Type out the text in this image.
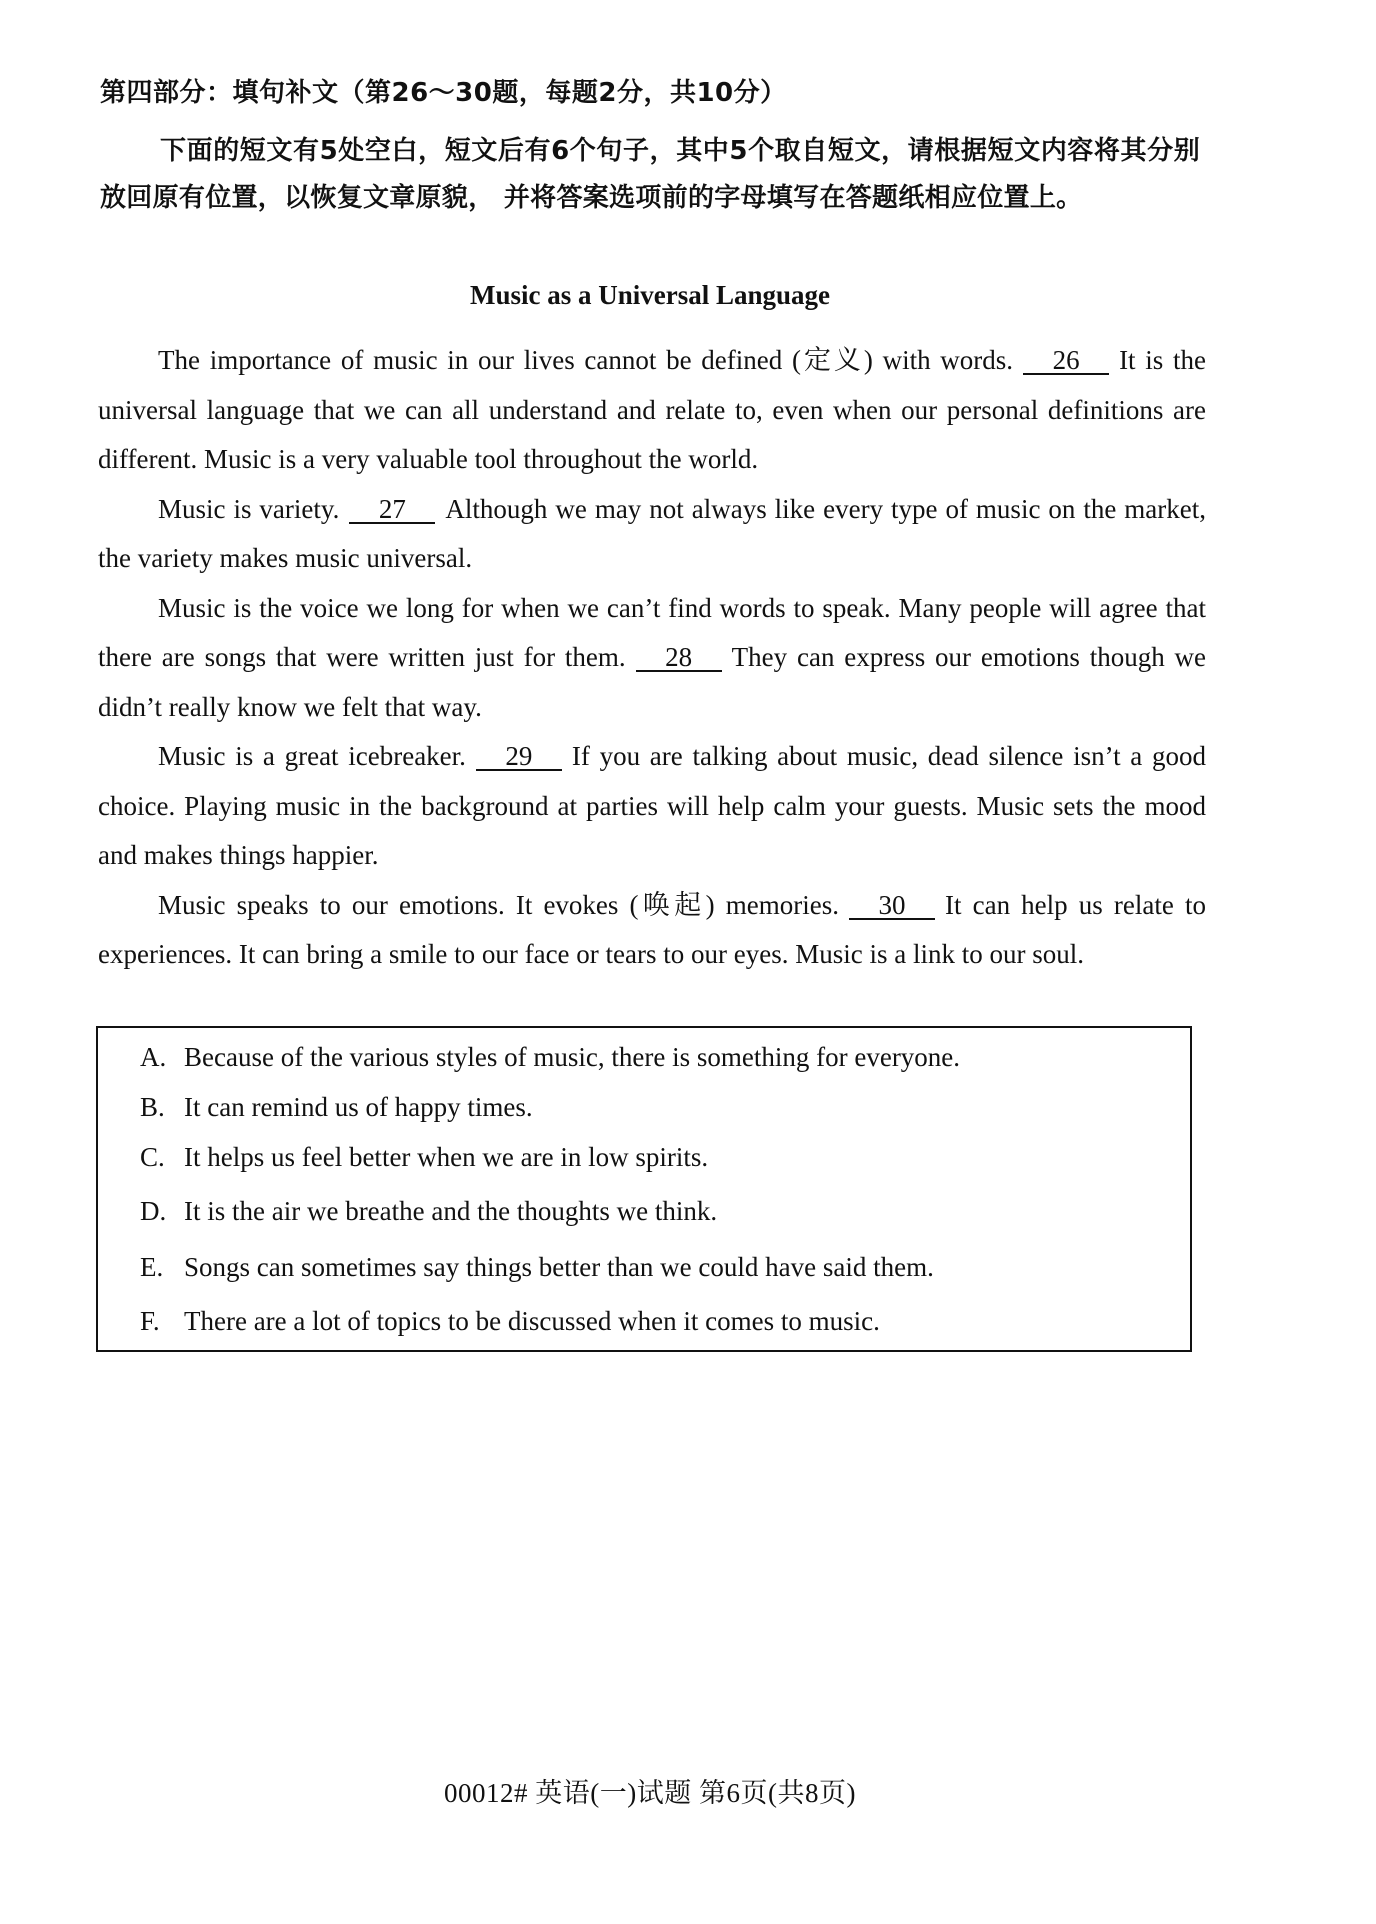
第四部分：填句补文（第26～30题，每题2分，共10分）
下面的短文有5处空白，短文后有6个句子，其中5个取自短文，请根据短文内容将其分别放回原有位置，以恢复文章原貌， 并将答案选项前的字母填写在答题纸相应位置上。
Music as a Universal Language

The importance of music in our lives cannot be defined (定义) with words. 26 It is the universal language that we can all understand and relate to, even when our personal definitions are different. Music is a very valuable tool throughout the world.

Music is variety. 27 Although we may not always like every type of music on the market, the variety makes music universal.

Music is the voice we long for when we can’t find words to speak. Many people will agree that there are songs that were written just for them. 28 They can express our emotions though we didn’t really know we felt that way.

Music is a great icebreaker. 29 If you are talking about music, dead silence isn’t a good choice. Playing music in the background at parties will help calm your guests. Music sets the mood and makes things happier.

Music speaks to our emotions. It evokes (唤起) memories. 30 It can help us relate to experiences. It can bring a smile to our face or tears to our eyes. Music is a link to our soul.

A. Because of the various styles of music, there is something for everyone.
B. It can remind us of happy times.
C. It helps us feel better when we are in low spirits.
D. It is the air we breathe and the thoughts we think.
E. Songs can sometimes say things better than we could have said them.
F. There are a lot of topics to be discussed when it comes to music.
00012# 英语(一)试题 第6页(共8页)
